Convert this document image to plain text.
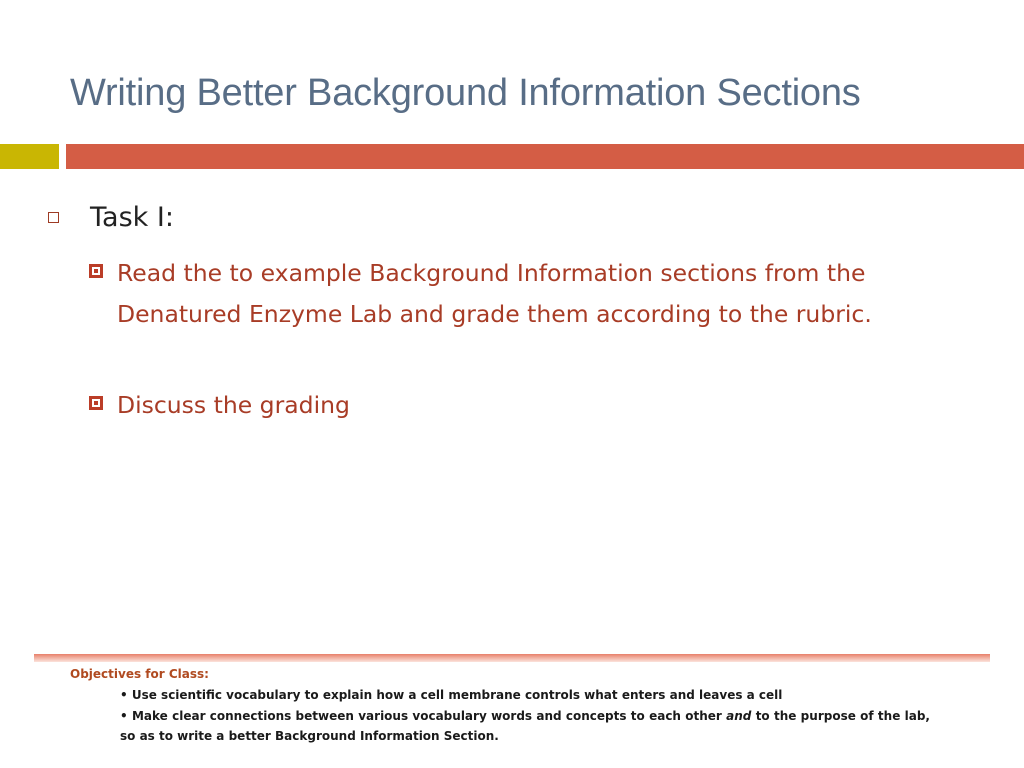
Writing Better Background Information Sections
Task I:
Read the to example Background Information sections from the Denatured Enzyme Lab and grade them according to the rubric.
Discuss the grading
Objectives for Class:
• Use scientific vocabulary to explain how a cell membrane controls what enters and leaves a cell
• Make clear connections between various vocabulary words and concepts to each other and to the purpose of the lab, so as to write a better Background Information Section.
